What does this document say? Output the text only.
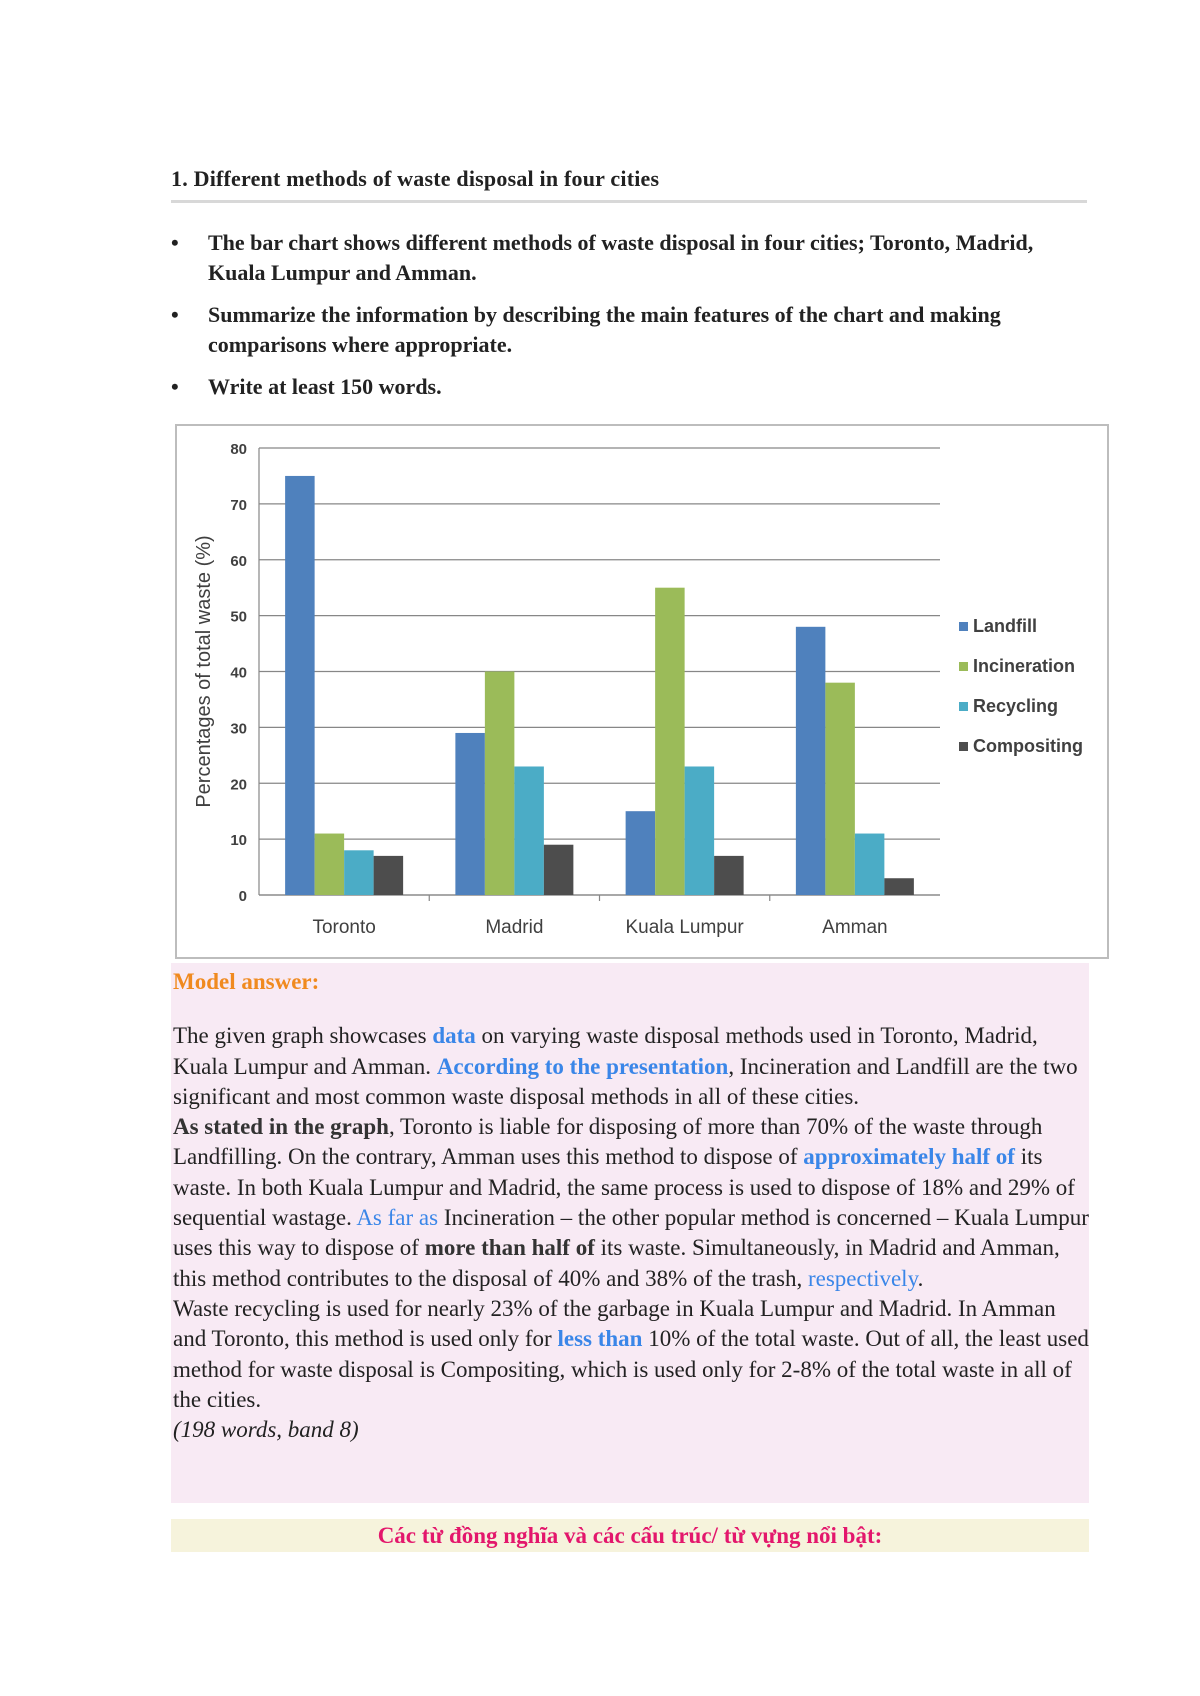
1. Different methods of waste disposal in four cities
• The bar chart shows different methods of waste disposal in four cities; Toronto, Madrid, Kuala Lumpur and Amman.
• Summarize the information by describing the main features of the chart and making comparisons where appropriate.
• Write at least 150 words.
0
10
20
30
40
50
60
70
80
Percentages of total waste (%)
Toronto	Madrid	Kuala Lumpur	Amman
Landfill
Incineration
Recycling
Compositing
Model answer:

The given graph showcases data on varying waste disposal methods used in Toronto, Madrid, Kuala Lumpur and Amman. According to the presentation, Incineration and Landfill are the two significant and most common waste disposal methods in all of these cities.

As stated in the graph, Toronto is liable for disposing of more than 70% of the waste through Landfilling. On the contrary, Amman uses this method to dispose of approximately half of its waste. In both Kuala Lumpur and Madrid, the same process is used to dispose of 18% and 29% of sequential wastage. As far as Incineration – the other popular method is concerned – Kuala Lumpur uses this way to dispose of more than half of its waste. Simultaneously, in Madrid and Amman, this method contributes to the disposal of 40% and 38% of the trash, respectively.

Waste recycling is used for nearly 23% of the garbage in Kuala Lumpur and Madrid. In Amman and Toronto, this method is used only for less than 10% of the total waste. Out of all, the least used method for waste disposal is Compositing, which is used only for 2-8% of the total waste in all of the cities.

(198 words, band 8)

Các từ đồng nghĩa và các cấu trúc/ từ vựng nổi bật:
